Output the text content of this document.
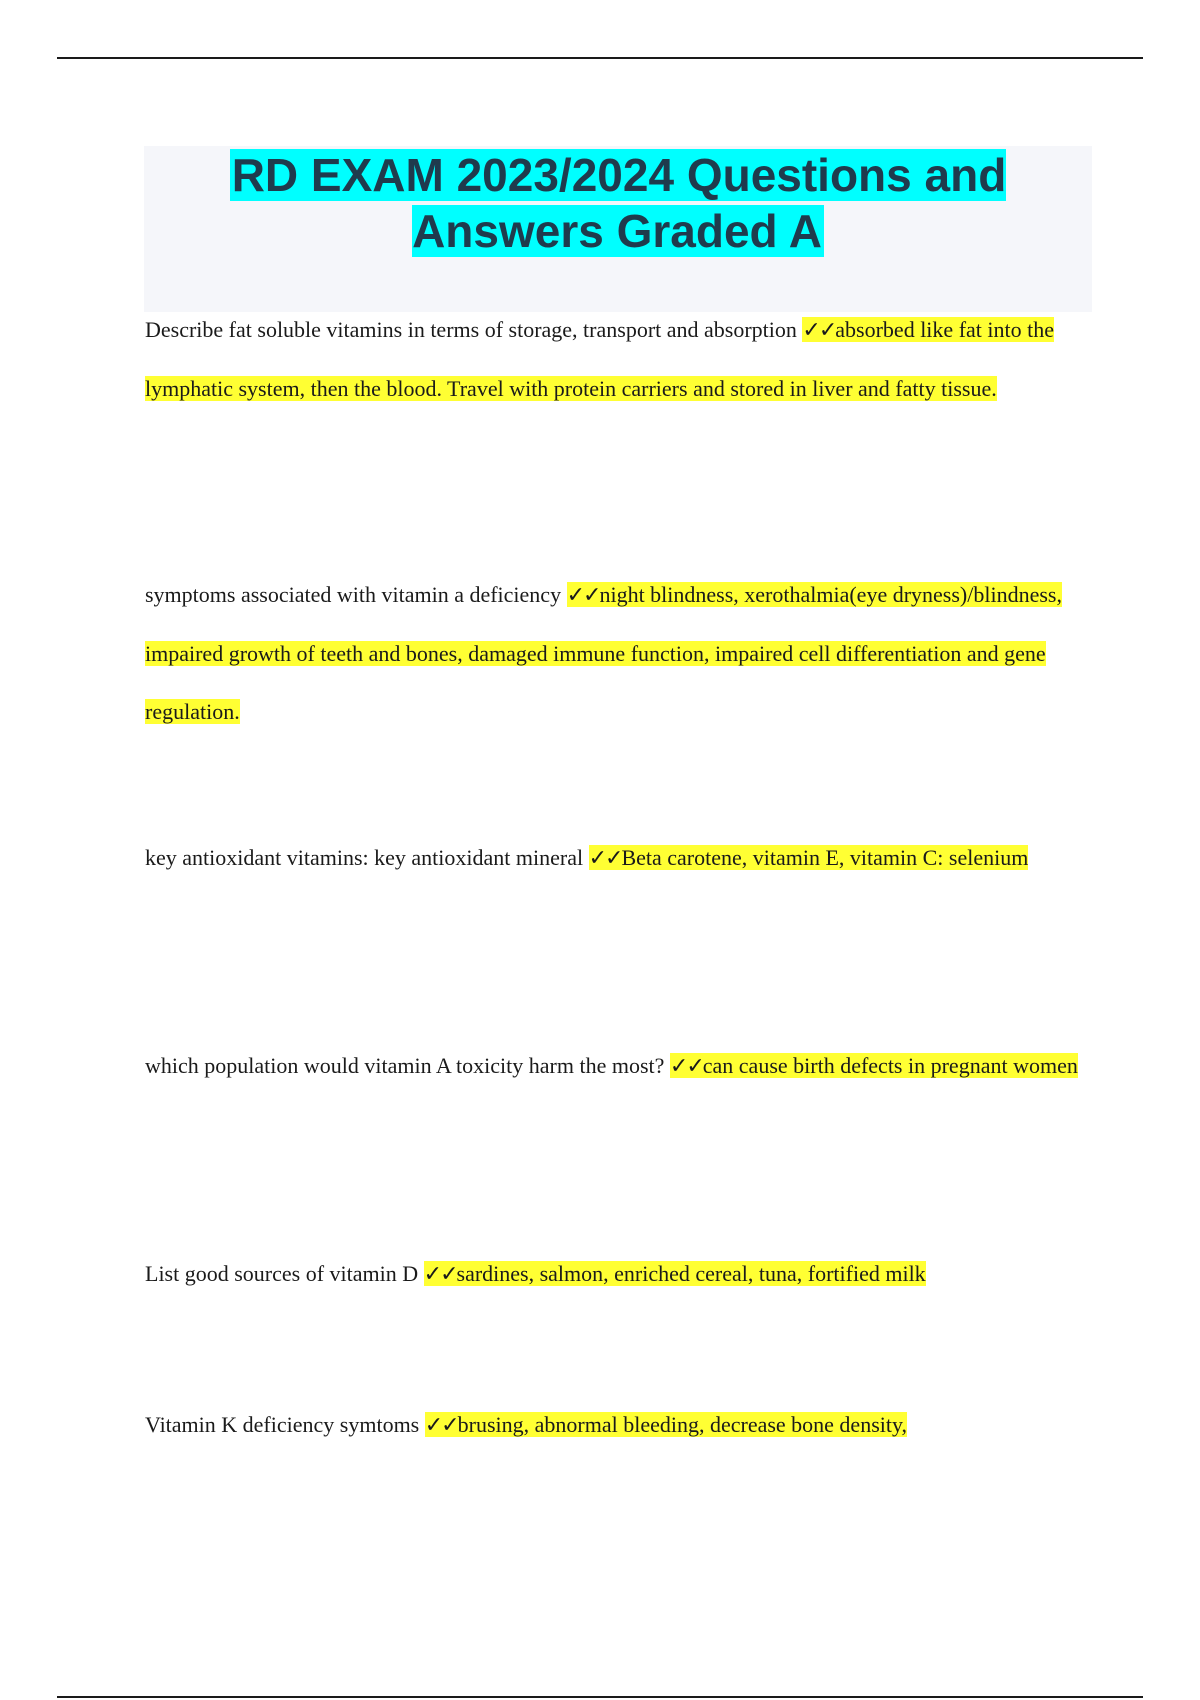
RD EXAM 2023/2024 Questions and Answers Graded A

Describe fat soluble vitamins in terms of storage, transport and absorption ✓✓absorbed like fat into the lymphatic system, then the blood. Travel with protein carriers and stored in liver and fatty tissue.

symptoms associated with vitamin a deficiency ✓✓night blindness, xerothalmia(eye dryness)/blindness, impaired growth of teeth and bones, damaged immune function, impaired cell differentiation and gene regulation.

key antioxidant vitamins: key antioxidant mineral ✓✓Beta carotene, vitamin E, vitamin C: selenium

which population would vitamin A toxicity harm the most? ✓✓can cause birth defects in pregnant women

List good sources of vitamin D ✓✓sardines, salmon, enriched cereal, tuna, fortified milk

Vitamin K deficiency symtoms ✓✓brusing, abnormal bleeding, decrease bone density,
